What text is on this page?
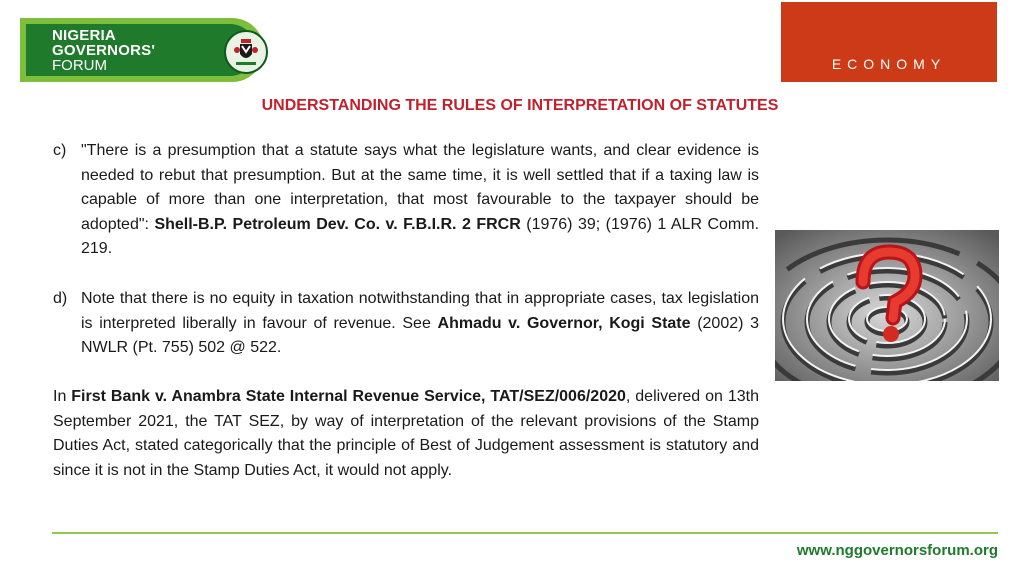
NIGERIA
GOVERNORS'
FORUM	ECONOMY
UNDERSTANDING THE RULES OF INTERPRETATION OF STATUTES
c) "There is a presumption that a statute says what the legislature wants, and clear evidence is needed to rebut that presumption. But at the same time, it is well settled that if a taxing law is capable of more than one interpretation, that most favourable to the taxpayer should be adopted": Shell-B.P. Petroleum Dev. Co. v. F.B.I.R. 2 FRCR (1976) 39; (1976) 1 ALR Comm. 219.
d) Note that there is no equity in taxation notwithstanding that in appropriate cases, tax legislation is interpreted liberally in favour of revenue. See Ahmadu v. Governor, Kogi State (2002) 3 NWLR (Pt. 755) 502 @ 522.
In First Bank v. Anambra State Internal Revenue Service, TAT/SEZ/006/2020, delivered on 13th September 2021, the TAT SEZ, by way of interpretation of the relevant provisions of the Stamp Duties Act, stated categorically that the principle of Best of Judgement assessment is statutory and since it is not in the Stamp Duties Act, it would not apply.
www.nggovernorsforum.org
